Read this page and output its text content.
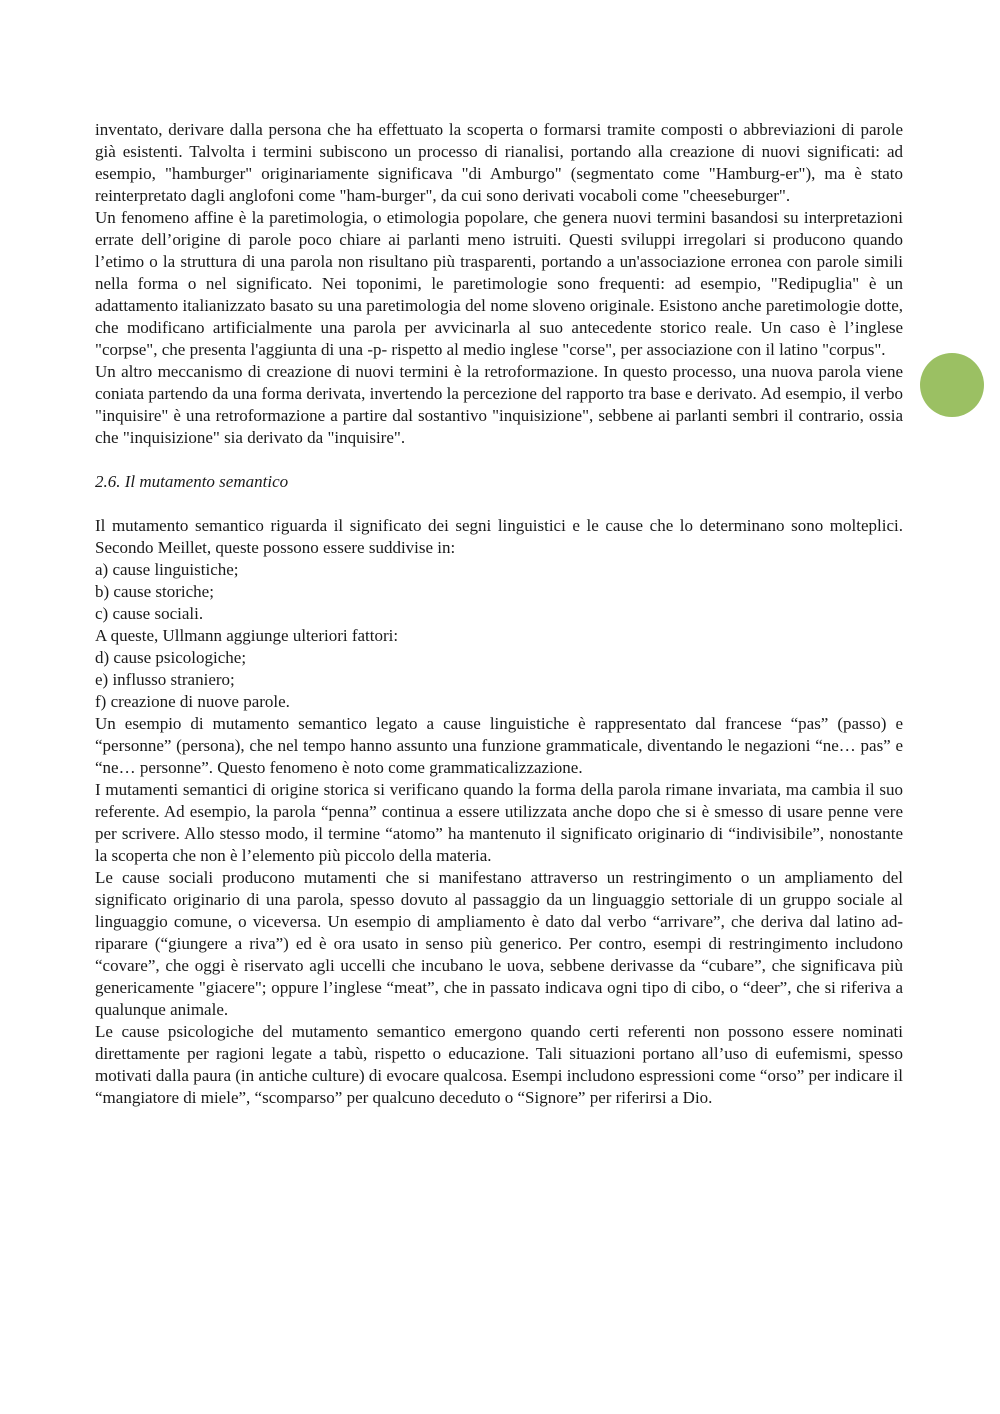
inventato, derivare dalla persona che ha effettuato la scoperta o formarsi tramite composti o abbreviazioni di parole già esistenti. Talvolta i termini subiscono un processo di rianalisi, portando alla creazione di nuovi significati: ad esempio, "hamburger" originariamente significava "di Amburgo" (segmentato come "Hamburg-er"), ma è stato reinterpretato dagli anglofoni come "ham-burger", da cui sono derivati vocaboli come "cheeseburger".

Un fenomeno affine è la paretimologia, o etimologia popolare, che genera nuovi termini basandosi su interpretazioni errate dell’origine di parole poco chiare ai parlanti meno istruiti. Questi sviluppi irregolari si producono quando l’etimo o la struttura di una parola non risultano più trasparenti, portando a un'associazione erronea con parole simili nella forma o nel significato. Nei toponimi, le paretimologie sono frequenti: ad esempio, "Redipuglia" è un adattamento italianizzato basato su una paretimologia del nome sloveno originale. Esistono anche paretimologie dotte, che modificano artificialmente una parola per avvicinarla al suo antecedente storico reale. Un caso è l’inglese "corpse", che presenta l'aggiunta di una -p- rispetto al medio inglese "corse", per associazione con il latino "corpus".

Un altro meccanismo di creazione di nuovi termini è la retroformazione. In questo processo, una nuova parola viene coniata partendo da una forma derivata, invertendo la percezione del rapporto tra base e derivato. Ad esempio, il verbo "inquisire" è una retroformazione a partire dal sostantivo "inquisizione", sebbene ai parlanti sembri il contrario, ossia che "inquisizione" sia derivato da "inquisire".

2.6. Il mutamento semantico

Il mutamento semantico riguarda il significato dei segni linguistici e le cause che lo determinano sono molteplici. Secondo Meillet, queste possono essere suddivise in:

a) cause linguistiche;

b) cause storiche;

c) cause sociali.

A queste, Ullmann aggiunge ulteriori fattori:

d) cause psicologiche;

e) influsso straniero;

f) creazione di nuove parole.

Un esempio di mutamento semantico legato a cause linguistiche è rappresentato dal francese “pas” (passo) e “personne” (persona), che nel tempo hanno assunto una funzione grammaticale, diventando le negazioni “ne… pas” e “ne… personne”. Questo fenomeno è noto come grammaticalizzazione.

I mutamenti semantici di origine storica si verificano quando la forma della parola rimane invariata, ma cambia il suo referente. Ad esempio, la parola “penna” continua a essere utilizzata anche dopo che si è smesso di usare penne vere per scrivere. Allo stesso modo, il termine “atomo” ha mantenuto il significato originario di “indivisibile”, nonostante la scoperta che non è l’elemento più piccolo della materia.

Le cause sociali producono mutamenti che si manifestano attraverso un restringimento o un ampliamento del significato originario di una parola, spesso dovuto al passaggio da un linguaggio settoriale di un gruppo sociale al linguaggio comune, o viceversa. Un esempio di ampliamento è dato dal verbo “arrivare”, che deriva dal latino ad-riparare (“giungere a riva”) ed è ora usato in senso più generico. Per contro, esempi di restringimento includono “covare”, che oggi è riservato agli uccelli che incubano le uova, sebbene derivasse da “cubare”, che significava più genericamente "giacere"; oppure l’inglese “meat”, che in passato indicava ogni tipo di cibo, o “deer”, che si riferiva a qualunque animale.

Le cause psicologiche del mutamento semantico emergono quando certi referenti non possono essere nominati direttamente per ragioni legate a tabù, rispetto o educazione. Tali situazioni portano all’uso di eufemismi, spesso motivati dalla paura (in antiche culture) di evocare qualcosa. Esempi includono espressioni come “orso” per indicare il “mangiatore di miele”, “scomparso” per qualcuno deceduto o “Signore” per riferirsi a Dio.
